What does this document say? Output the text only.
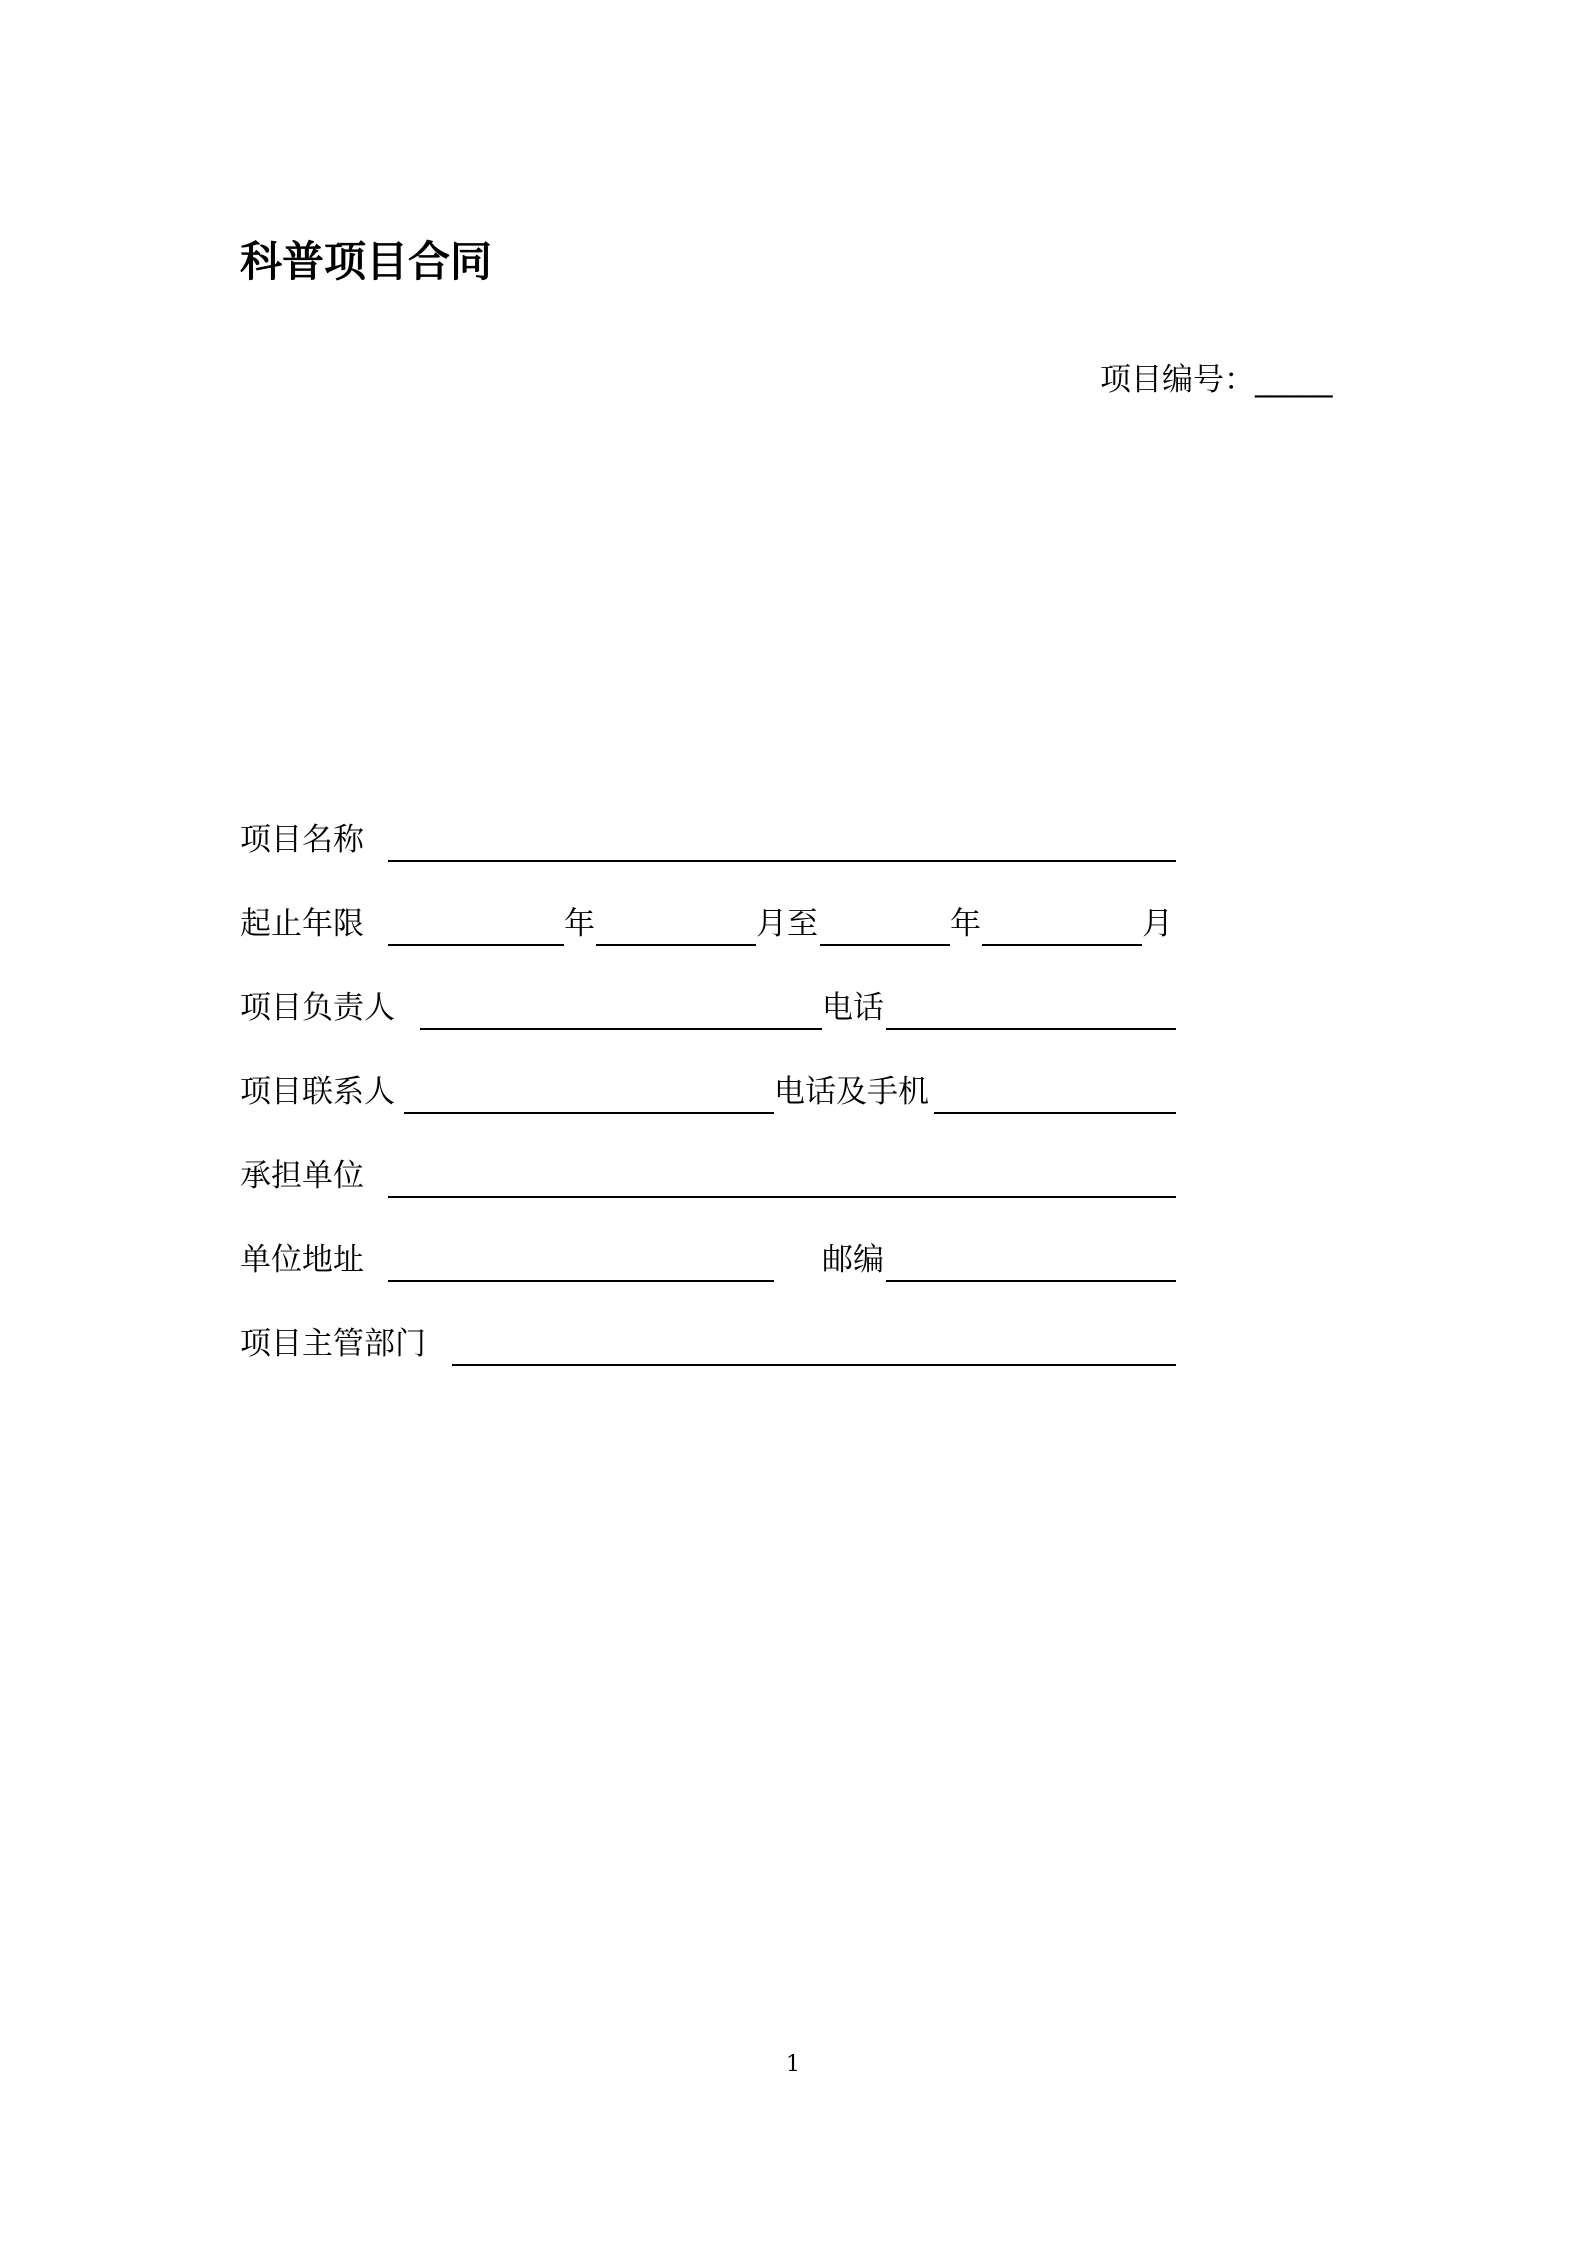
科普项目合同
项目编号：_____
项目名称
起止年限	年	月至	年	月
项目负责人	电话
项目联系人	电话及手机
承担单位
单位地址	邮编
项目主管部门
1
